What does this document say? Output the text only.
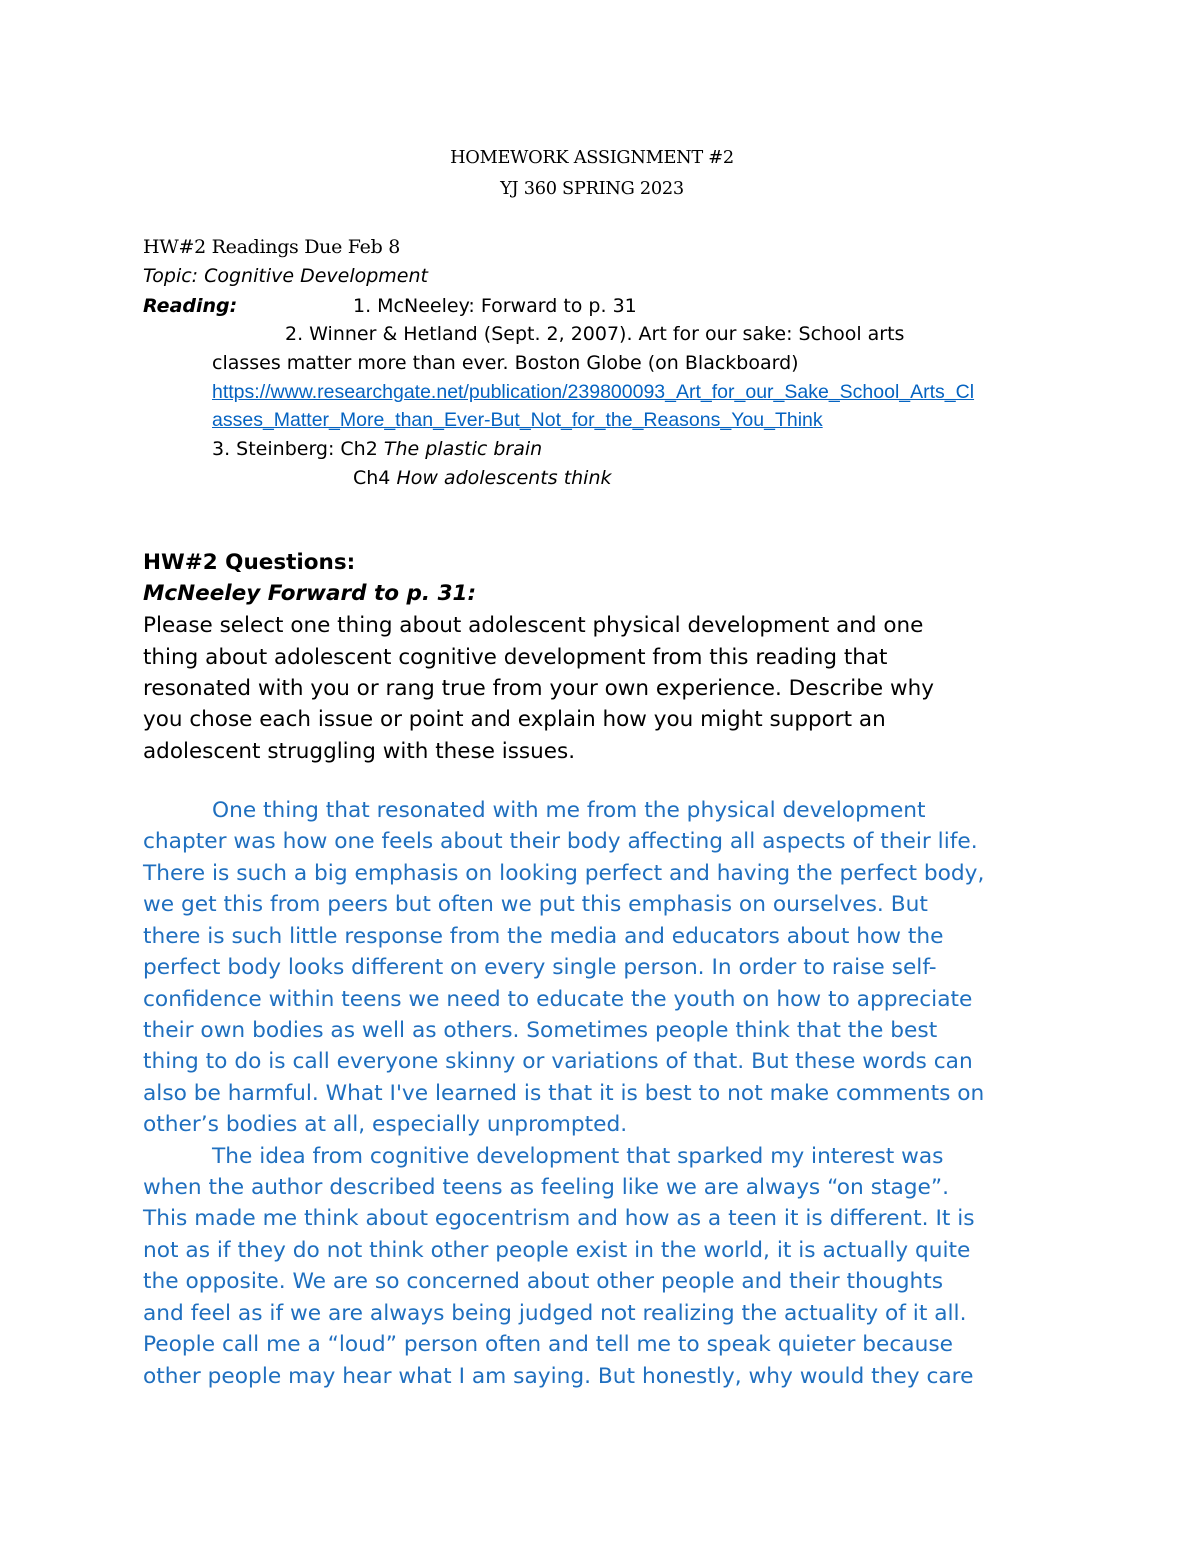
HOMEWORK ASSIGNMENT #2
YJ 360 SPRING 2023
HW#2 Readings Due Feb 8
Topic: Cognitive Development
Reading:	1. McNeeley: Forward to p. 31
2. Winner & Hetland (Sept. 2, 2007). Art for our sake: School arts
classes matter more than ever. Boston Globe (on Blackboard)
https://www.researchgate.net/publication/239800093_Art_for_our_Sake_School_Arts_Cl
asses_Matter_More_than_Ever-But_Not_for_the_Reasons_You_Think
3. Steinberg: Ch2 The plastic brain
Ch4 How adolescents think
HW#2 Questions:
McNeeley Forward to p. 31:
Please select one thing about adolescent physical development and one
thing about adolescent cognitive development from this reading that
resonated with you or rang true from your own experience. Describe why
you chose each issue or point and explain how you might support an
adolescent struggling with these issues.
One thing that resonated with me from the physical development
chapter was how one feels about their body affecting all aspects of their life.
There is such a big emphasis on looking perfect and having the perfect body,
we get this from peers but often we put this emphasis on ourselves. But
there is such little response from the media and educators about how the
perfect body looks different on every single person. In order to raise self-
confidence within teens we need to educate the youth on how to appreciate
their own bodies as well as others. Sometimes people think that the best
thing to do is call everyone skinny or variations of that. But these words can
also be harmful. What I've learned is that it is best to not make comments on
other’s bodies at all, especially unprompted.
The idea from cognitive development that sparked my interest was
when the author described teens as feeling like we are always “on stage”.
This made me think about egocentrism and how as a teen it is different. It is
not as if they do not think other people exist in the world, it is actually quite
the opposite. We are so concerned about other people and their thoughts
and feel as if we are always being judged not realizing the actuality of it all.
People call me a “loud” person often and tell me to speak quieter because
other people may hear what I am saying. But honestly, why would they care
